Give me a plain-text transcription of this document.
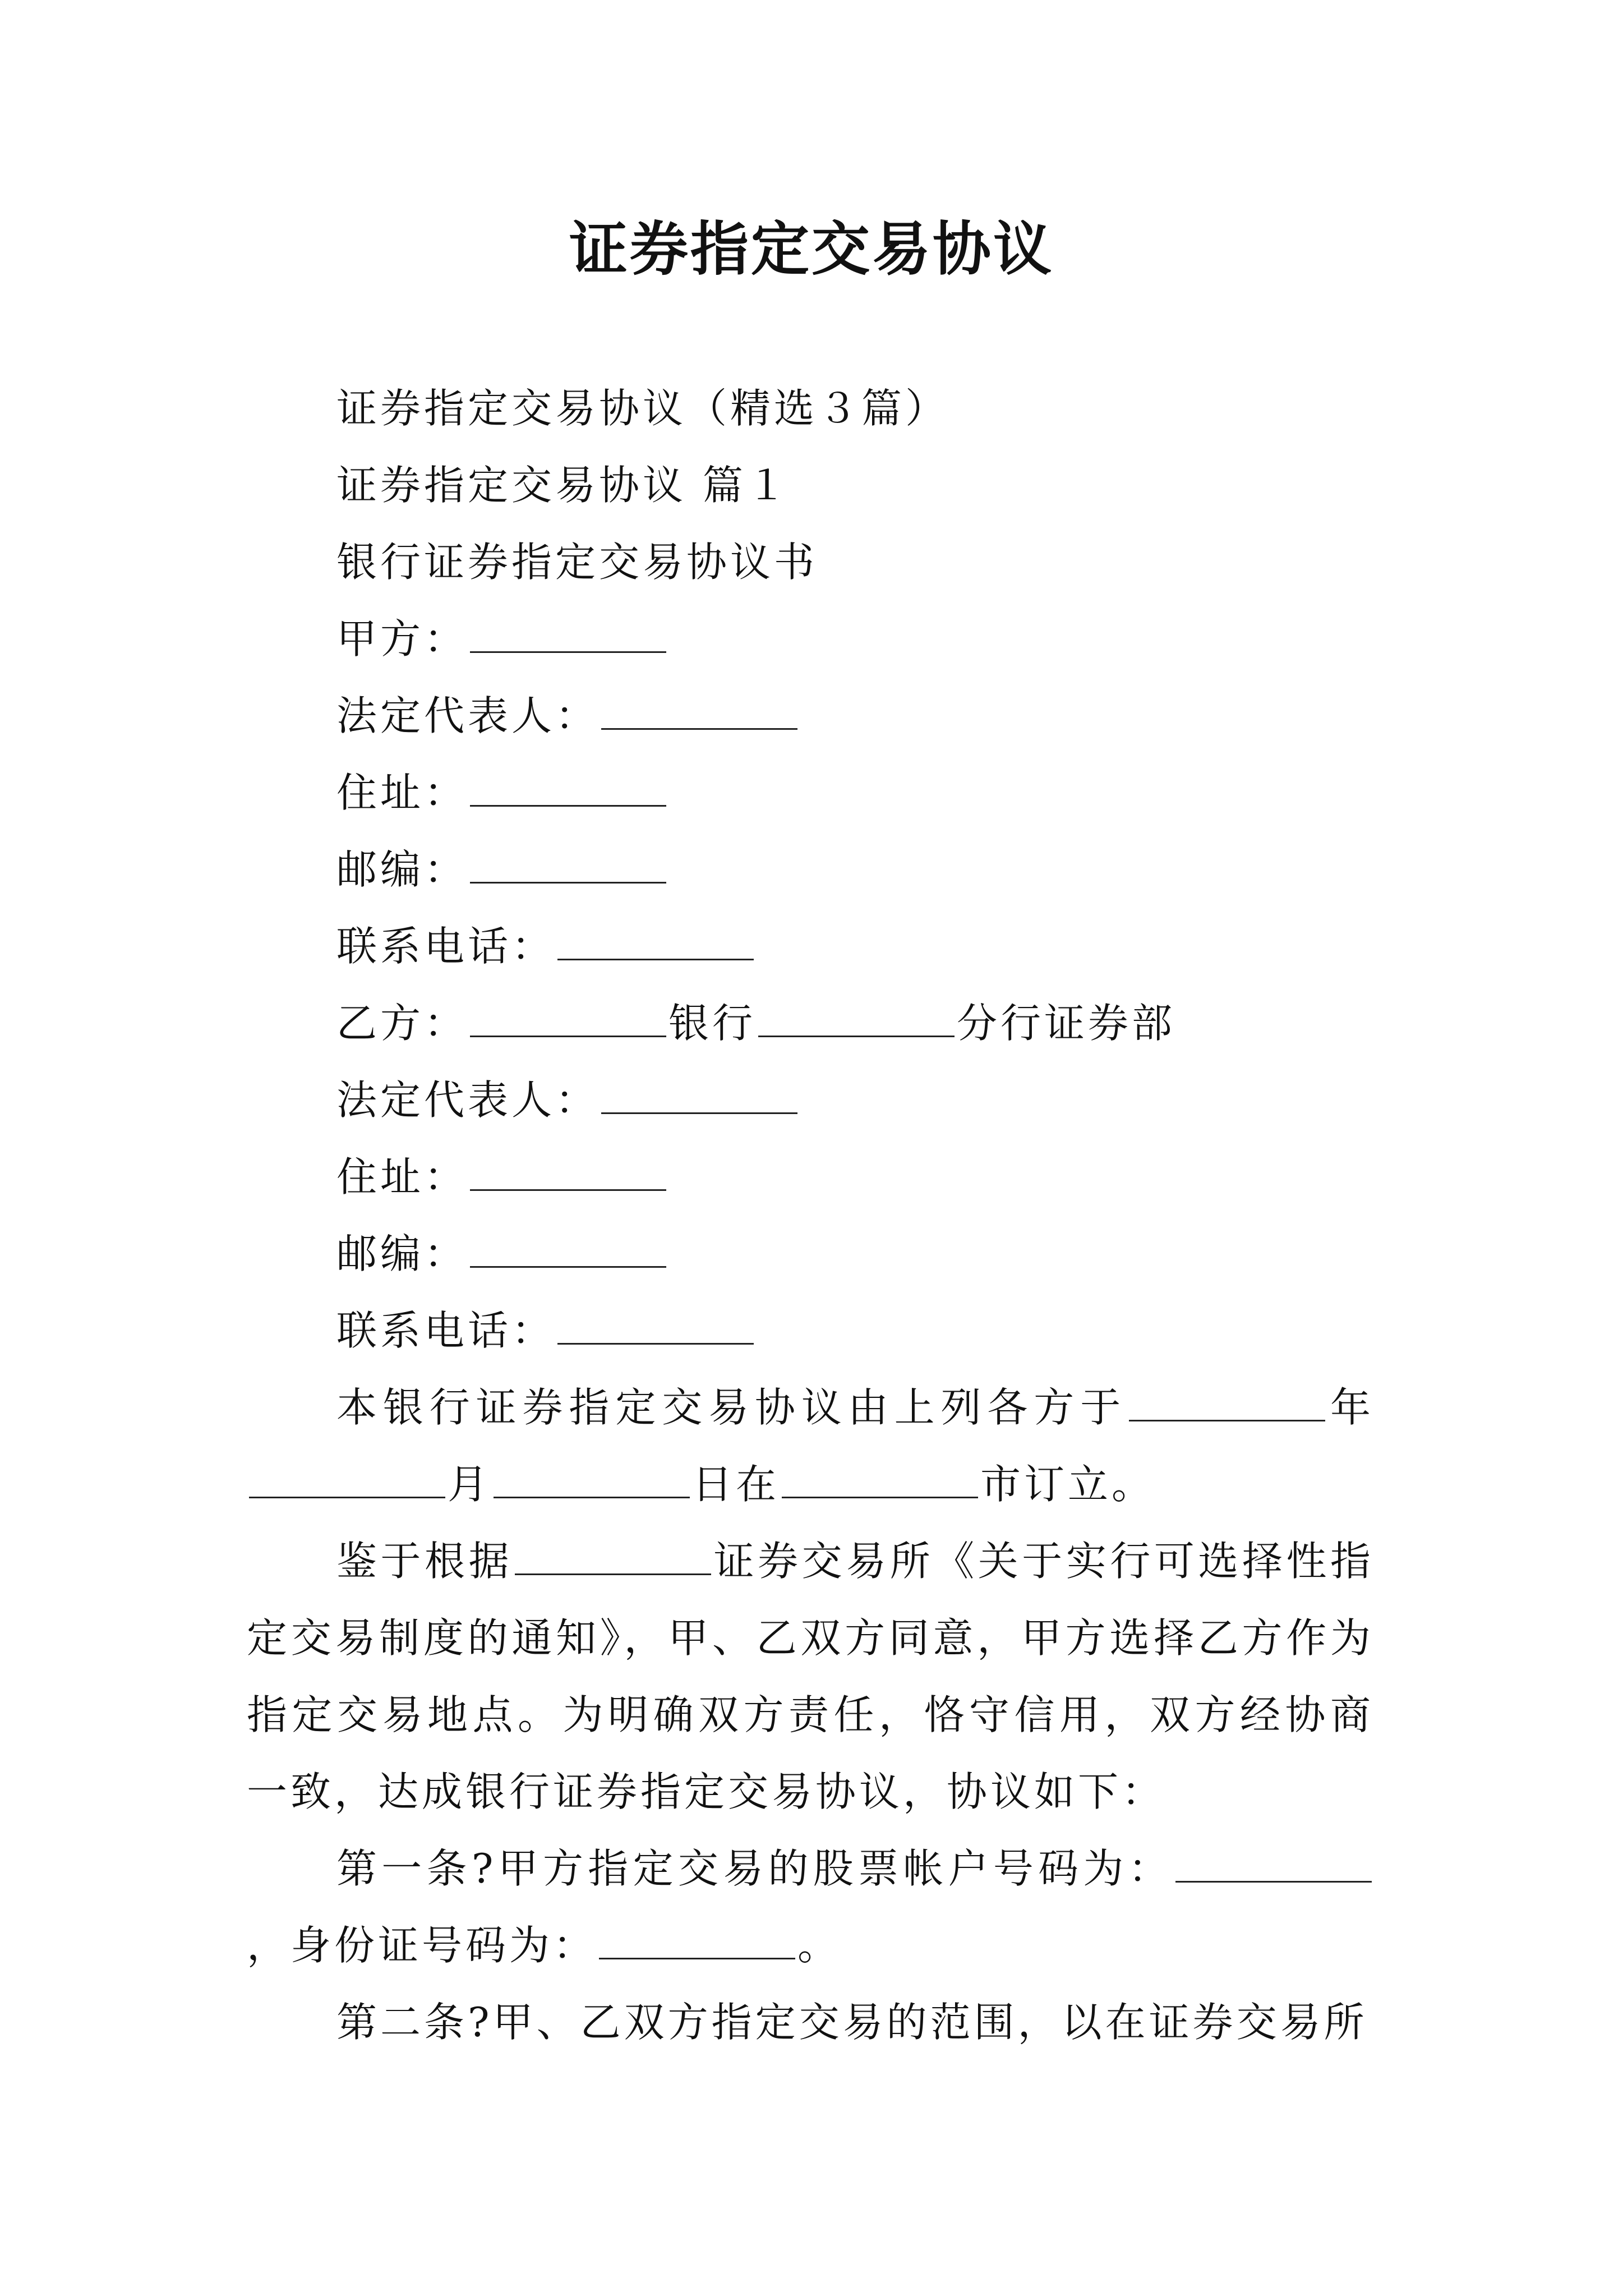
证券指定交易协议
证券指定交易协议（精选３篇）
证券指定交易协议 篇１
银行证券指定交易协议书
甲方：
法定代表人：
住址：
邮编：
联系电话：
乙方：	银行	分行证券部
法定代表人：
住址：
邮编：
联系电话：
本银行证券指定交易协议由上列各方于	年月	日在	市订立。
鉴于根据	证券交易所《关于实行可选择性指定交易制度的通知》，甲、乙双方同意，甲方选择乙方作为指定交易地点。为明确双方责任，恪守信用，双方经协商一致，达成银行证券指定交易协议，协议如下：
第一条?甲方指定交易的股票帐户号码为：，身份证号码为：	。
第二条?甲、乙双方指定交易的范围，以在证券交易所
